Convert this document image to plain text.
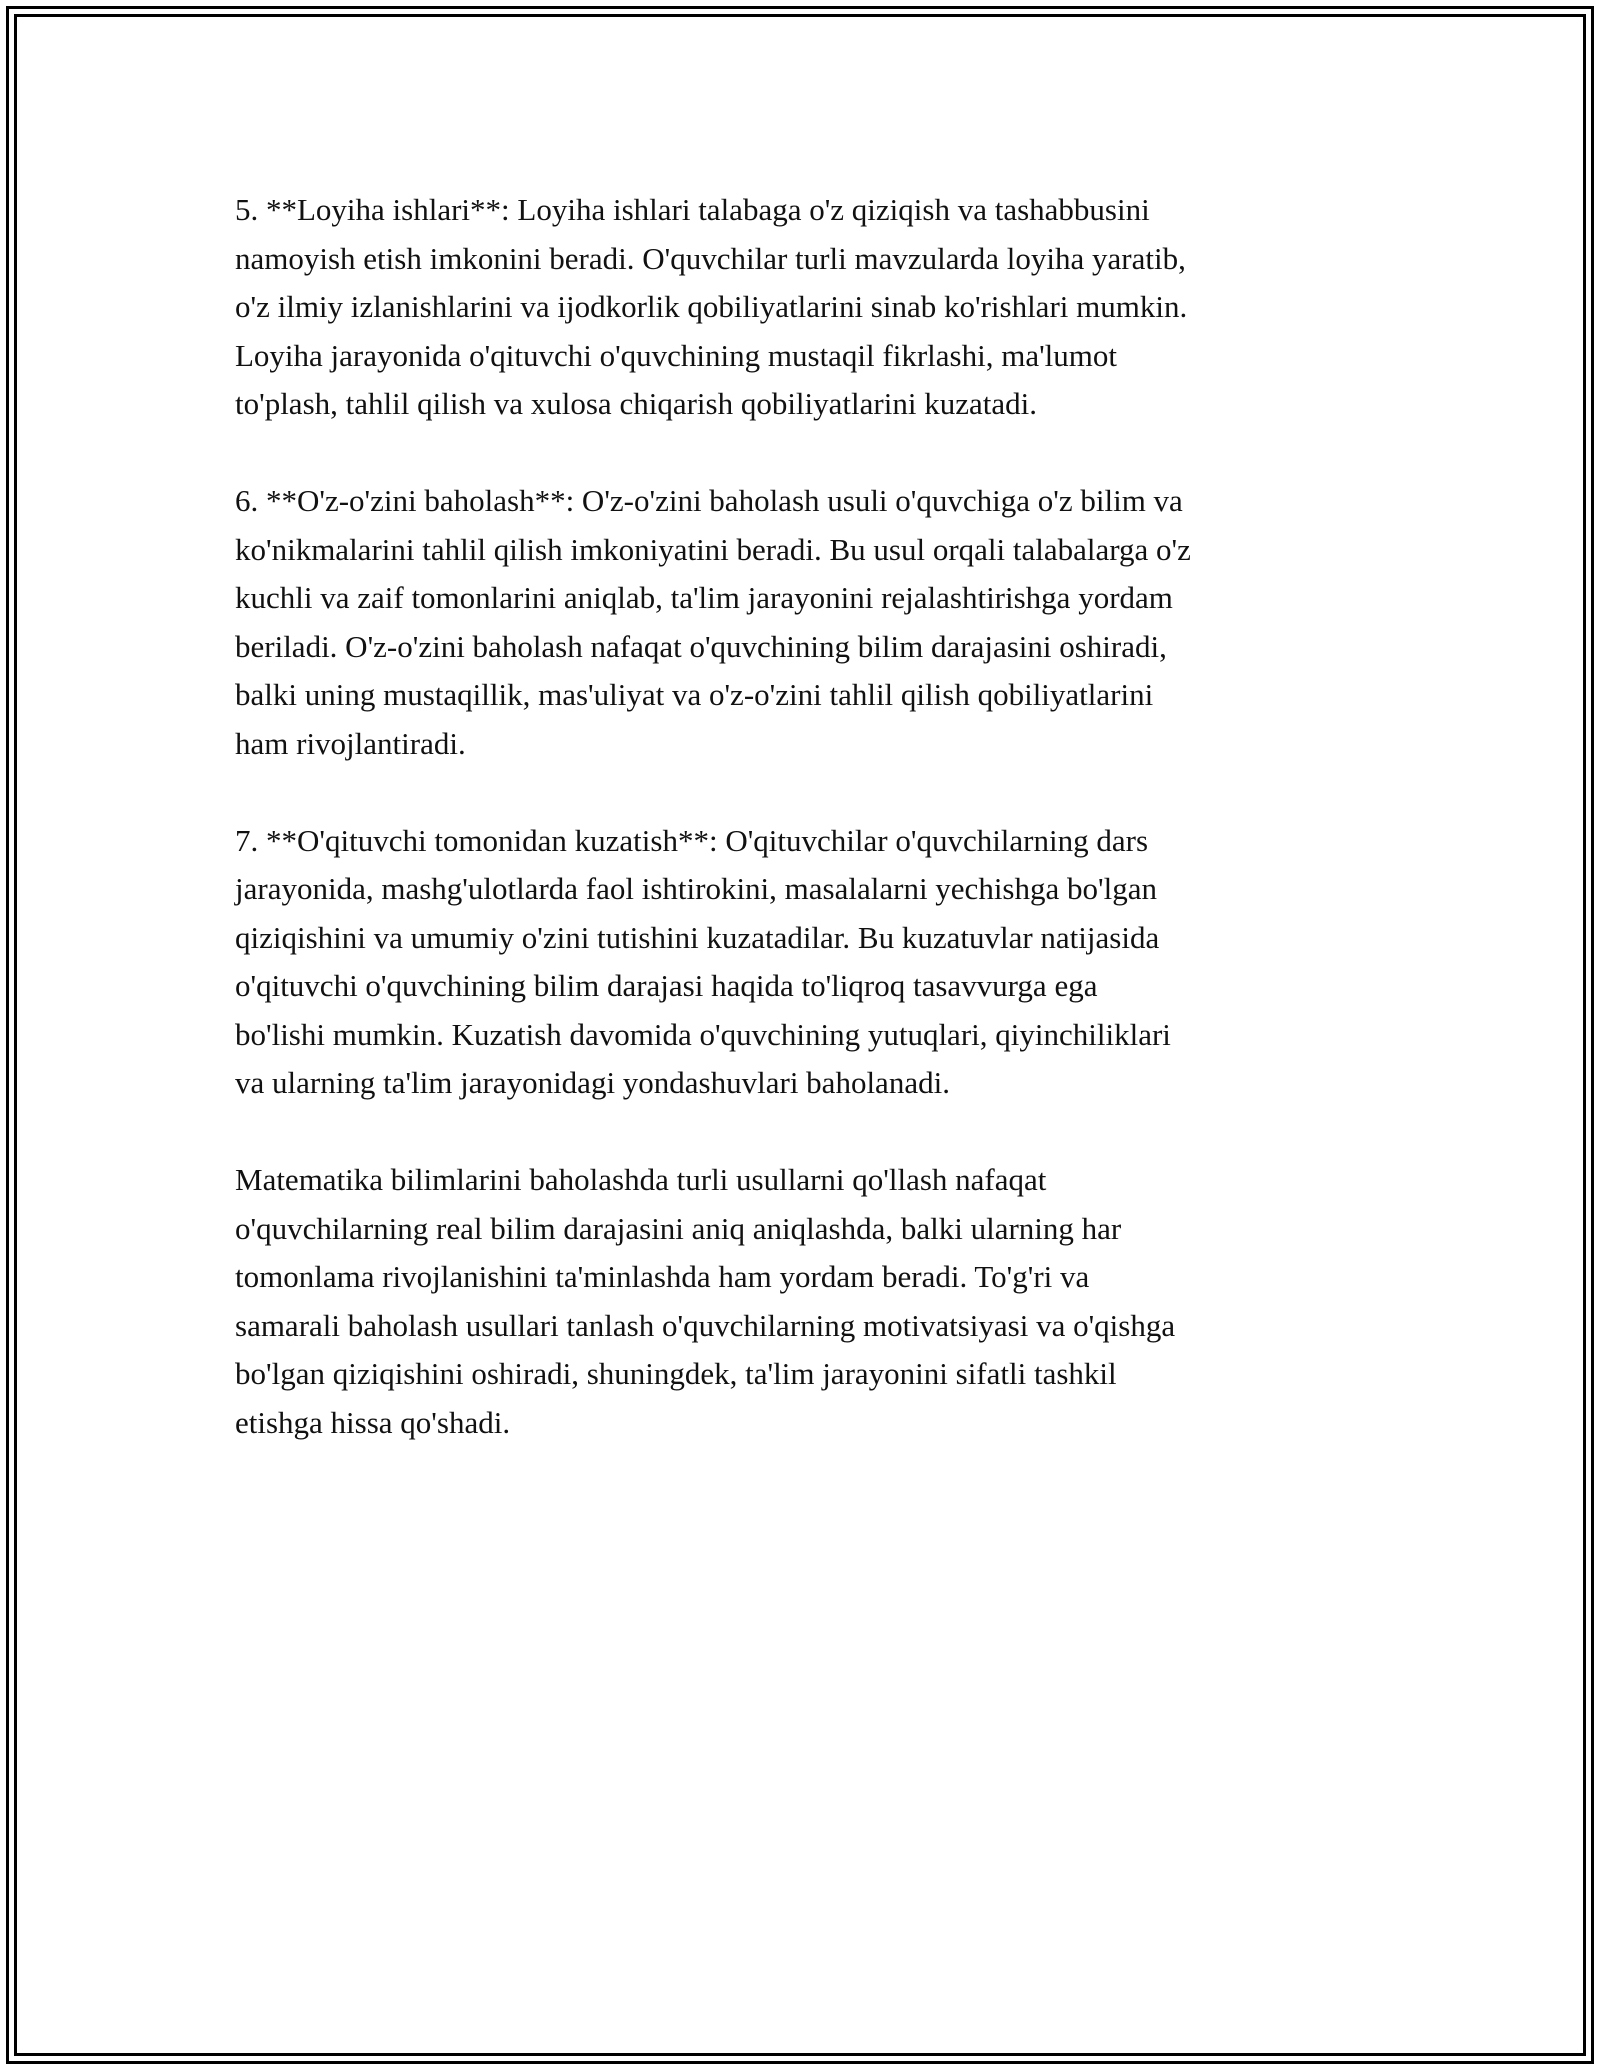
5. **Loyiha ishlari**: Loyiha ishlari talabaga o'z qiziqish va tashabbusini
namoyish etish imkonini beradi. O'quvchilar turli mavzularda loyiha yaratib,
o'z ilmiy izlanishlarini va ijodkorlik qobiliyatlarini sinab ko'rishlari mumkin.
Loyiha jarayonida o'qituvchi o'quvchining mustaqil fikrlashi, ma'lumot
to'plash, tahlil qilish va xulosa chiqarish qobiliyatlarini kuzatadi.

6. **O'z-o'zini baholash**: O'z-o'zini baholash usuli o'quvchiga o'z bilim va
ko'nikmalarini tahlil qilish imkoniyatini beradi. Bu usul orqali talabalarga o'z
kuchli va zaif tomonlarini aniqlab, ta'lim jarayonini rejalashtirishga yordam
beriladi. O'z-o'zini baholash nafaqat o'quvchining bilim darajasini oshiradi,
balki uning mustaqillik, mas'uliyat va o'z-o'zini tahlil qilish qobiliyatlarini
ham rivojlantiradi.

7. **O'qituvchi tomonidan kuzatish**: O'qituvchilar o'quvchilarning dars
jarayonida, mashg'ulotlarda faol ishtirokini, masalalarni yechishga bo'lgan
qiziqishini va umumiy o'zini tutishini kuzatadilar. Bu kuzatuvlar natijasida
o'qituvchi o'quvchining bilim darajasi haqida to'liqroq tasavvurga ega
bo'lishi mumkin. Kuzatish davomida o'quvchining yutuqlari, qiyinchiliklari
va ularning ta'lim jarayonidagi yondashuvlari baholanadi.

Matematika bilimlarini baholashda turli usullarni qo'llash nafaqat
o'quvchilarning real bilim darajasini aniq aniqlashda, balki ularning har
tomonlama rivojlanishini ta'minlashda ham yordam beradi. To'g'ri va
samarali baholash usullari tanlash o'quvchilarning motivatsiyasi va o'qishga
bo'lgan qiziqishini oshiradi, shuningdek, ta'lim jarayonini sifatli tashkil
etishga hissa qo'shadi.
